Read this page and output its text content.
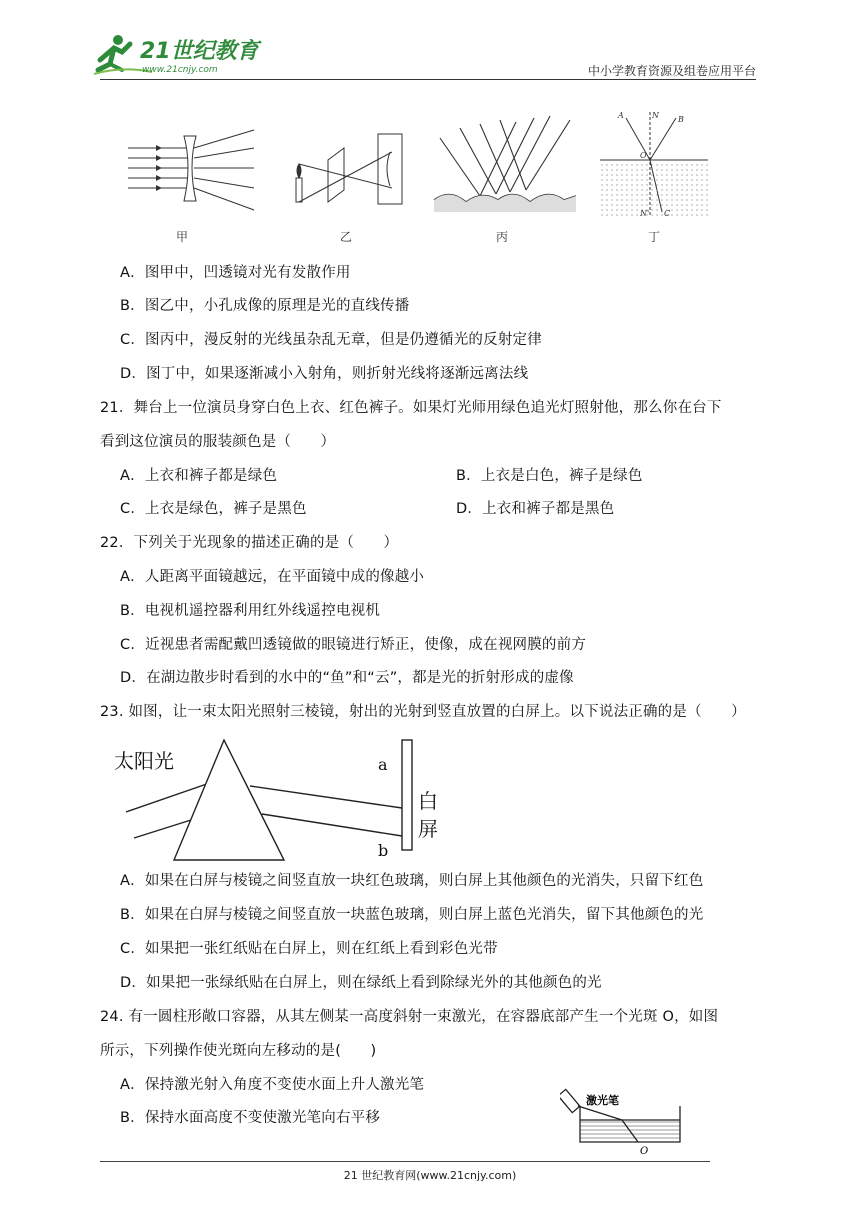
21世纪教育
www.21cnjy.com	中小学教育资源及组卷应用平台
A	N B
O
N' C
甲	乙	丙	丁
A．图甲中，凹透镜对光有发散作用
B．图乙中，小孔成像的原理是光的直线传播
C．图丙中，漫反射的光线虽杂乱无章，但是仍遵循光的反射定律
D．图丁中，如果逐渐减小入射角，则折射光线将逐渐远离法线
21．舞台上一位演员身穿白色上衣、红色裤子。如果灯光师用绿色追光灯照射他，那么你在台下
看到这位演员的服装颜色是（　　）
A．上衣和裤子都是绿色	B．上衣是白色，裤子是绿色
C．上衣是绿色，裤子是黑色	D．上衣和裤子都是黑色
22．下列关于光现象的描述正确的是（　　）
A．人距离平面镜越远，在平面镜中成的像越小
B．电视机遥控器利用红外线遥控电视机
C．近视患者需配戴凹透镜做的眼镜进行矫正，使像，成在视网膜的前方
D．在湖边散步时看到的水中的“鱼”和“云”，都是光的折射形成的虚像
23. 如图，让一束太阳光照射三棱镜，射出的光射到竖直放置的白屏上。以下说法正确的是（　　）
太阳光	a
b
白
屏
A．如果在白屏与棱镜之间竖直放一块红色玻璃，则白屏上其他颜色的光消失，只留下红色
B．如果在白屏与棱镜之间竖直放一块蓝色玻璃，则白屏上蓝色光消失，留下其他颜色的光
C．如果把一张红纸贴在白屏上，则在红纸上看到彩色光带
D．如果把一张绿纸贴在白屏上，则在绿纸上看到除绿光外的其他颜色的光
24. 有一圆柱形敞口容器，从其左侧某一高度斜射一束激光，在容器底部产生一个光斑 O，如图
所示，下列操作使光斑向左移动的是(　　)
A．保持激光射入角度不变使水面上升人激光笔
B．保持水面高度不变使激光笔向右平移
激光笔
O
21 世纪教育网(www.21cnjy.com)
